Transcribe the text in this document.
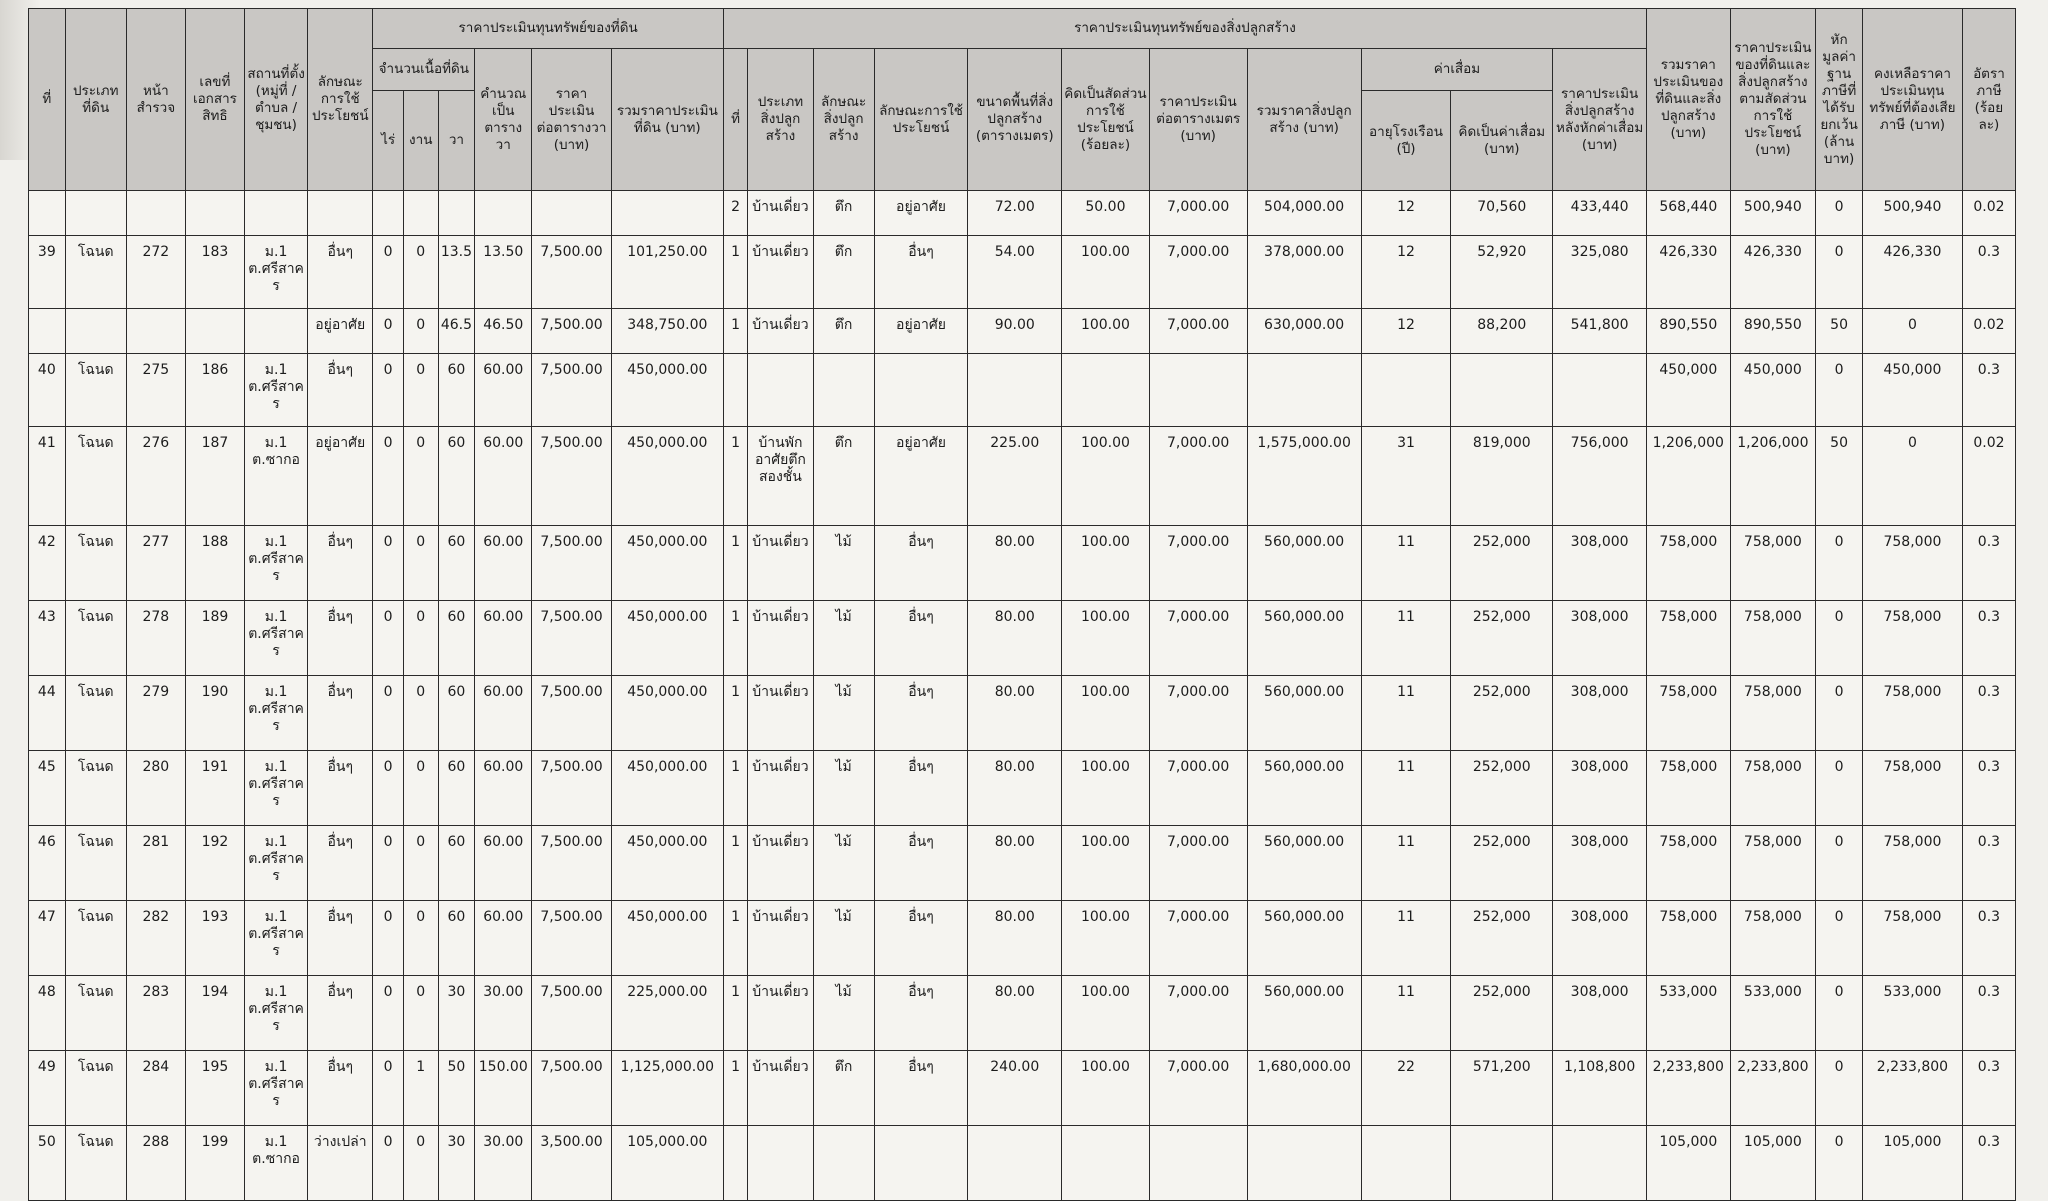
ที่	ประเภทที่ดิน	หน้าสำรวจ	เลขที่เอกสารสิทธิ	สถานที่ตั้ง (หมู่ที่ /ตำบล /ชุมชน)	ลักษณะการใช้ประโยชน์	ราคาประเมินทุนทรัพย์ของที่ดิน						ราคาประเมินทุนทรัพย์ของสิ่งปลูกสร้าง											รวมราคาประเมินของที่ดินและสิ่งปลูกสร้าง (บาท)	ราคาประเมินของที่ดินและสิ่งปลูกสร้างตามสัดส่วนการใช้ประโยชน์ (บาท)	หักมูลค่าฐานภาษีที่ได้รับยกเว้น (ล้านบาท)	คงเหลือราคาประเมินทุนทรัพย์ที่ต้องเสียภาษี (บาท)	อัตราภาษี (ร้อยละ)
						จำนวนเนื้อที่ดิน			คำนวณเป็นตารางวา	ราคาประเมินต่อตารางวา (บาท)	รวมราคาประเมินที่ดิน (บาท)	ที่	ประเภทสิ่งปลูกสร้าง	ลักษณะสิ่งปลูกสร้าง	ลักษณะการใช้ประโยชน์	ขนาดพื้นที่สิ่งปลูกสร้าง (ตารางเมตร)	คิดเป็นสัดส่วนการใช้ประโยชน์ (ร้อยละ)	ราคาประเมินต่อตารางเมตร (บาท)	รวมราคาสิ่งปลูกสร้าง (บาท)	ค่าเสื่อม		ราคาประเมินสิ่งปลูกสร้างหลังหักค่าเสื่อม (บาท)					
						ไร่	งาน	วา												อายุโรงเรือน (ปี)	คิดเป็นค่าเสื่อม (บาท)						
												2	บ้านเดี่ยว	ตึก	อยู่อาศัย	72.00	50.00	7,000.00	504,000.00	12	70,560	433,440	568,440	500,940	0	500,940	0.02
39	โฉนด	272	183	ม.1 ต.ศรีสาคร	อื่นๆ	0	0	13.5	13.50	7,500.00	101,250.00	1	บ้านเดี่ยว	ตึก	อื่นๆ	54.00	100.00	7,000.00	378,000.00	12	52,920	325,080	426,330	426,330	0	426,330	0.3
					อยู่อาศัย	0	0	46.5	46.50	7,500.00	348,750.00	1	บ้านเดี่ยว	ตึก	อยู่อาศัย	90.00	100.00	7,000.00	630,000.00	12	88,200	541,800	890,550	890,550	50	0	0.02
40	โฉนด	275	186	ม.1 ต.ศรีสาคร	อื่นๆ	0	0	60	60.00	7,500.00	450,000.00												450,000	450,000	0	450,000	0.3
41	โฉนด	276	187	ม.1 ต.ซากอ	อยู่อาศัย	0	0	60	60.00	7,500.00	450,000.00	1	บ้านพักอาศัยตึกสองชั้น	ตึก	อยู่อาศัย	225.00	100.00	7,000.00	1,575,000.00	31	819,000	756,000	1,206,000	1,206,000	50	0	0.02
42	โฉนด	277	188	ม.1 ต.ศรีสาคร	อื่นๆ	0	0	60	60.00	7,500.00	450,000.00	1	บ้านเดี่ยว	ไม้	อื่นๆ	80.00	100.00	7,000.00	560,000.00	11	252,000	308,000	758,000	758,000	0	758,000	0.3
43	โฉนด	278	189	ม.1 ต.ศรีสาคร	อื่นๆ	0	0	60	60.00	7,500.00	450,000.00	1	บ้านเดี่ยว	ไม้	อื่นๆ	80.00	100.00	7,000.00	560,000.00	11	252,000	308,000	758,000	758,000	0	758,000	0.3
44	โฉนด	279	190	ม.1 ต.ศรีสาคร	อื่นๆ	0	0	60	60.00	7,500.00	450,000.00	1	บ้านเดี่ยว	ไม้	อื่นๆ	80.00	100.00	7,000.00	560,000.00	11	252,000	308,000	758,000	758,000	0	758,000	0.3
45	โฉนด	280	191	ม.1 ต.ศรีสาคร	อื่นๆ	0	0	60	60.00	7,500.00	450,000.00	1	บ้านเดี่ยว	ไม้	อื่นๆ	80.00	100.00	7,000.00	560,000.00	11	252,000	308,000	758,000	758,000	0	758,000	0.3
46	โฉนด	281	192	ม.1 ต.ศรีสาคร	อื่นๆ	0	0	60	60.00	7,500.00	450,000.00	1	บ้านเดี่ยว	ไม้	อื่นๆ	80.00	100.00	7,000.00	560,000.00	11	252,000	308,000	758,000	758,000	0	758,000	0.3
47	โฉนด	282	193	ม.1 ต.ศรีสาคร	อื่นๆ	0	0	60	60.00	7,500.00	450,000.00	1	บ้านเดี่ยว	ไม้	อื่นๆ	80.00	100.00	7,000.00	560,000.00	11	252,000	308,000	758,000	758,000	0	758,000	0.3
48	โฉนด	283	194	ม.1 ต.ศรีสาคร	อื่นๆ	0	0	30	30.00	7,500.00	225,000.00	1	บ้านเดี่ยว	ไม้	อื่นๆ	80.00	100.00	7,000.00	560,000.00	11	252,000	308,000	533,000	533,000	0	533,000	0.3
49	โฉนด	284	195	ม.1 ต.ศรีสาคร	อื่นๆ	0	1	50	150.00	7,500.00	1,125,000.00	1	บ้านเดี่ยว	ตึก	อื่นๆ	240.00	100.00	7,000.00	1,680,000.00	22	571,200	1,108,800	2,233,800	2,233,800	0	2,233,800	0.3
50	โฉนด	288	199	ม.1 ต.ซากอ	ว่างเปล่า	0	0	30	30.00	3,500.00	105,000.00												105,000	105,000	0	105,000	0.3
